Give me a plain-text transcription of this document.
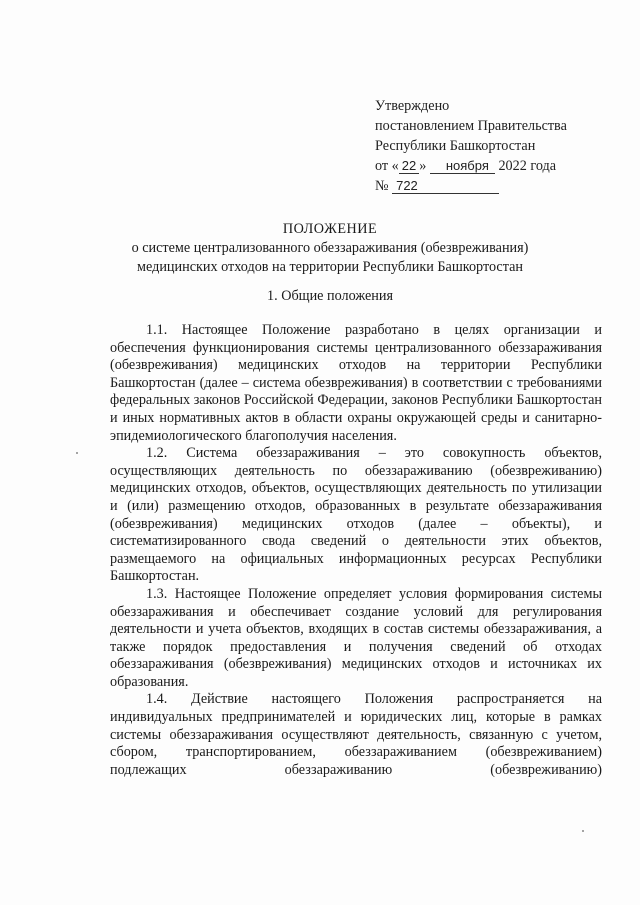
Утверждено
постановлением Правительства
Республики Башкортостан
от « 22 » ноября 2022 года
№ 722
ПОЛОЖЕНИЕ
о системе централизованного обеззараживания (обезвреживания)
медицинских отходов на территории Республики Башкортостан
1. Общие положения

1.1. Настоящее Положение разработано в целях организации и обеспечения функционирования системы централизованного обеззараживания (обезвреживания) медицинских отходов на территории Республики Башкортостан (далее – система обезвреживания) в соответствии с требованиями федеральных законов Российской Федерации, законов Республики Башкортостан и иных нормативных актов в области охраны окружающей среды и санитарно-эпидемиологического благополучия населения.

1.2. Система обеззараживания – это совокупность объектов, осуществляющих деятельность по обеззараживанию (обезвреживанию) медицинских отходов, объектов, осуществляющих деятельность по утилизации и (или) размещению отходов, образованных в результате обеззараживания (обезвреживания) медицинских отходов (далее – объекты), и систематизированного свода сведений о деятельности этих объектов, размещаемого на официальных информационных ресурсах Республики Башкортостан.

1.3. Настоящее Положение определяет условия формирования системы обеззараживания и обеспечивает создание условий для регулирования деятельности и учета объектов, входящих в состав системы обеззараживания, а также порядок предоставления и получения сведений об отходах обеззараживания (обезвреживания) медицинских отходов и источниках их образования.

1.4. Действие настоящего Положения распространяется на индивидуальных предпринимателей и юридических лиц, которые в рамках системы обеззараживания осуществляют деятельность, связанную с учетом, сбором, транспортированием, обеззараживанием (обезвреживанием) подлежащих обеззараживанию (обезвреживанию)
